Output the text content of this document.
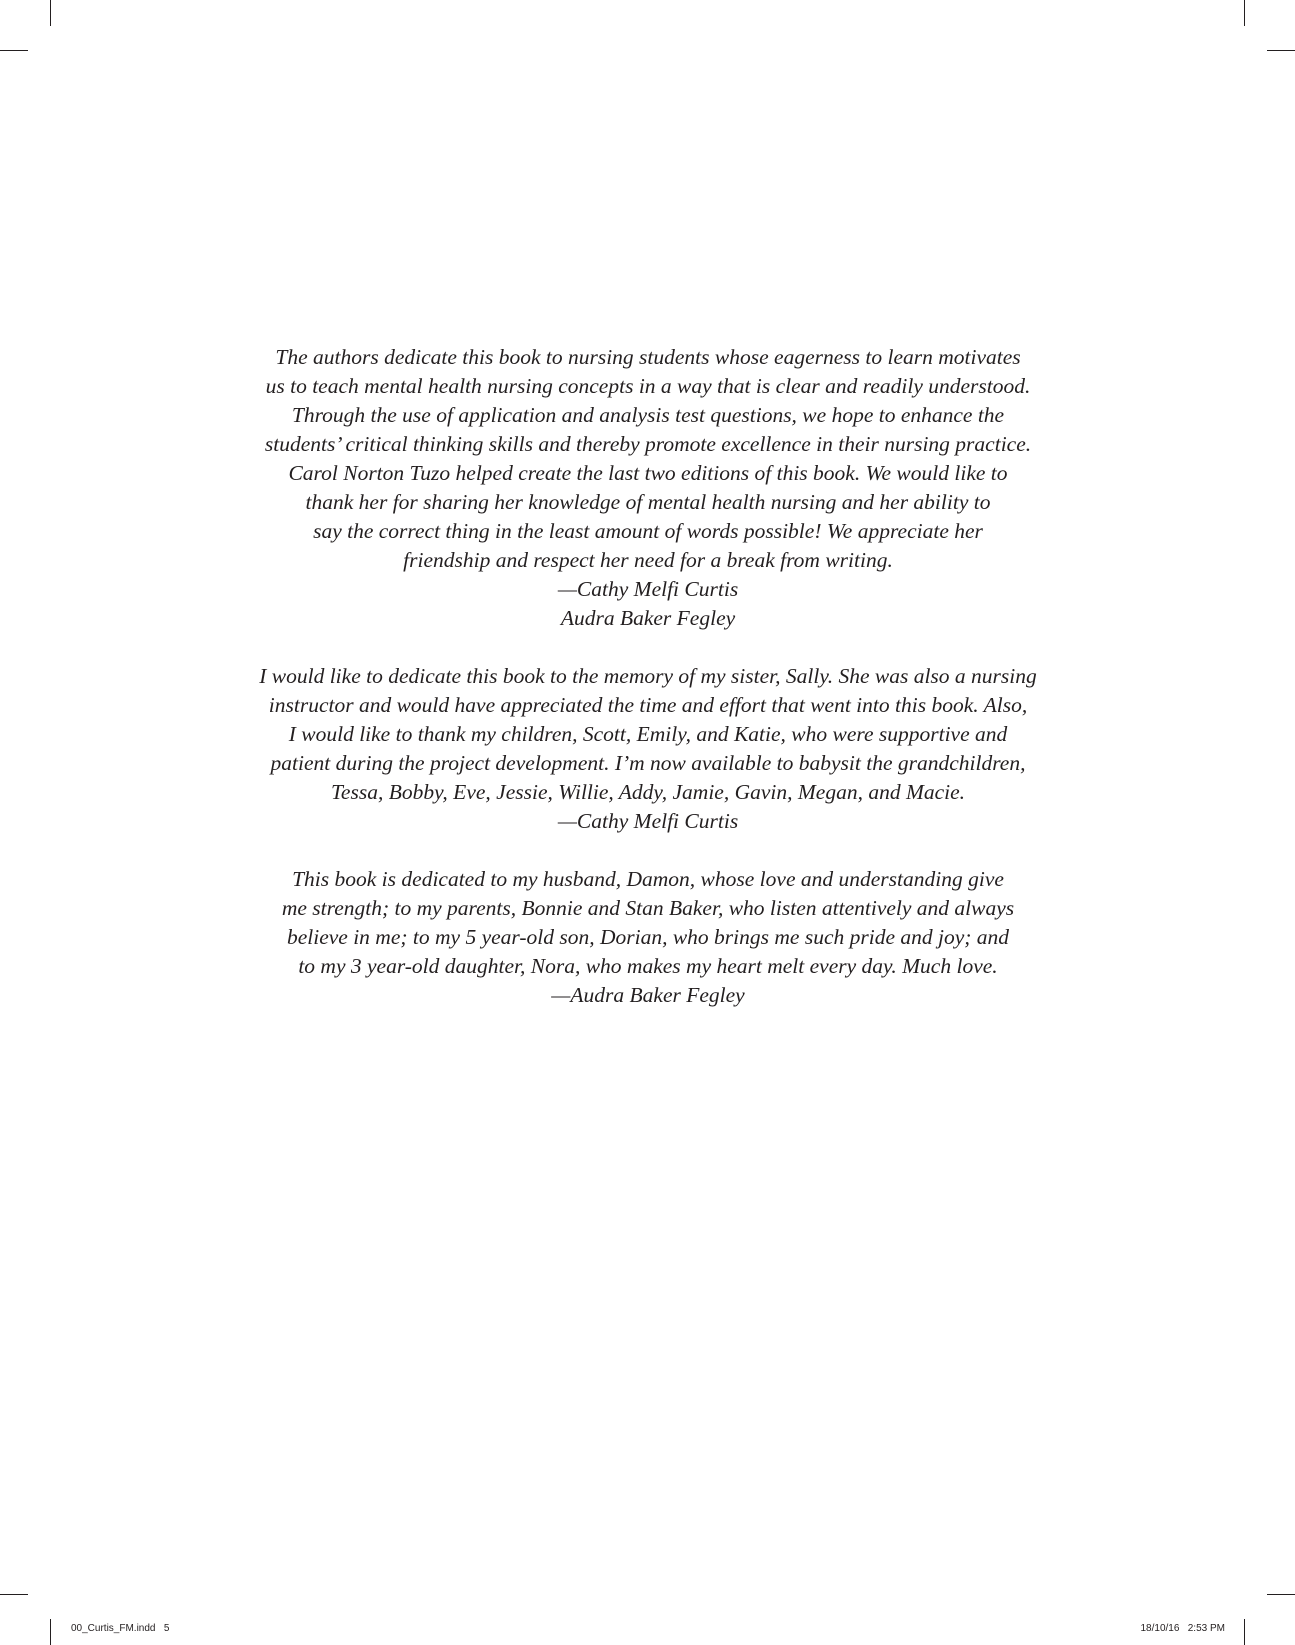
The authors dedicate this book to nursing students whose eagerness to learn motivates
us to teach mental health nursing concepts in a way that is clear and readily understood.
Through the use of application and analysis test questions, we hope to enhance the
students’ critical thinking skills and thereby promote excellence in their nursing practice.
Carol Norton Tuzo helped create the last two editions of this book. We would like to
thank her for sharing her knowledge of mental health nursing and her ability to
say the correct thing in the least amount of words possible! We appreciate her
friendship and respect her need for a break from writing.
—Cathy Melfi Curtis
Audra Baker Fegley

I would like to dedicate this book to the memory of my sister, Sally. She was also a nursing
instructor and would have appreciated the time and effort that went into this book. Also,
I would like to thank my children, Scott, Emily, and Katie, who were supportive and
patient during the project development. I’m now available to babysit the grandchildren,
Tessa, Bobby, Eve, Jessie, Willie, Addy, Jamie, Gavin, Megan, and Macie.
—Cathy Melfi Curtis

This book is dedicated to my husband, Damon, whose love and understanding give
me strength; to my parents, Bonnie and Stan Baker, who listen attentively and always
believe in me; to my 5 year-old son, Dorian, who brings me such pride and joy; and
to my 3 year-old daughter, Nora, who makes my heart melt every day. Much love.
—Audra Baker Fegley

00_Curtis_FM.indd   5	18/10/16   2:53 PM
